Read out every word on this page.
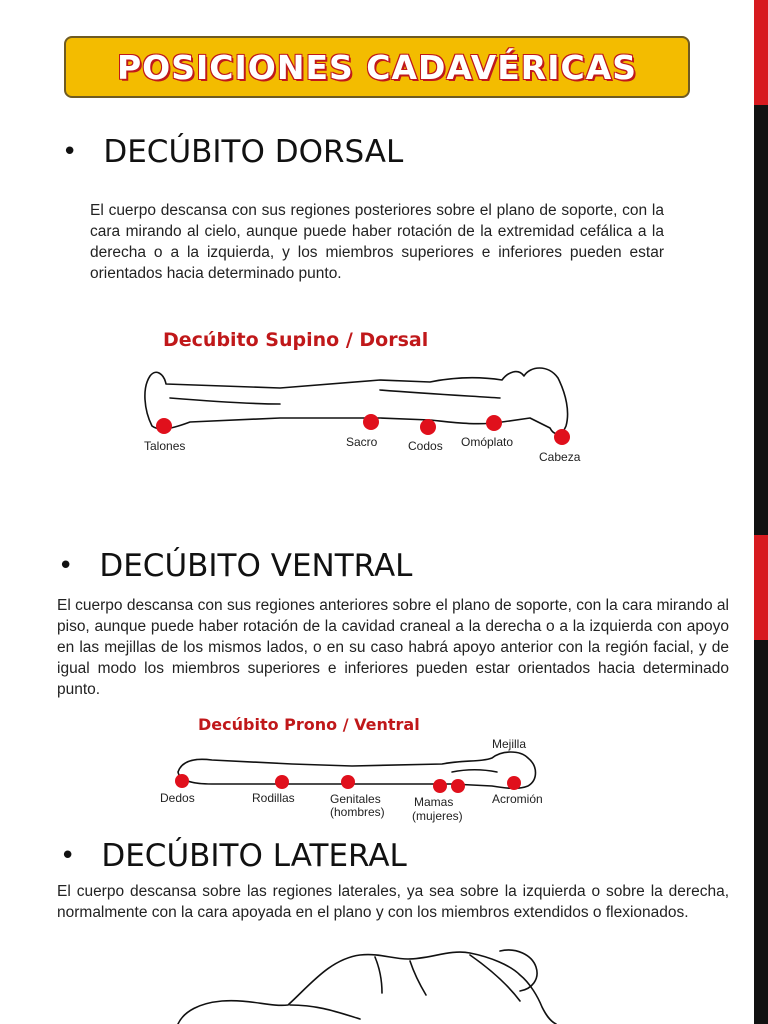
POSICIONES CADAVÉRICAS
• DECÚBITO DORSAL

El cuerpo descansa con sus regiones posteriores sobre el plano de soporte, con la cara mirando al cielo, aunque puede haber rotación de la extremidad cefálica a la derecha o a la izquierda, y los miembros superiores e inferiores pueden estar orientados hacia determinado punto.

Decúbito Supino / Dorsal
Talones	Sacro	Codos Omóplato
Cabeza
• DECÚBITO VENTRAL

El cuerpo descansa con sus regiones anteriores sobre el plano de soporte, con la cara mirando al piso, aunque puede haber rotación de la cavidad craneal a la derecha o a la izquierda con apoyo en las mejillas de los mismos lados, o en su caso habrá apoyo anterior con la región facial, y de igual modo los miembros superiores e inferiores pueden estar orientados hacia determinado punto.

Decúbito Prono / Ventral
Mejilla
Dedos	Rodillas	Genitales
(hombres)
Mamas
(mujeres)
Acromión
• DECÚBITO LATERAL

El cuerpo descansa sobre las regiones laterales, ya sea sobre la izquierda o sobre la derecha, normalmente con la cara apoyada en el plano y con los miembros extendidos o flexionados.
